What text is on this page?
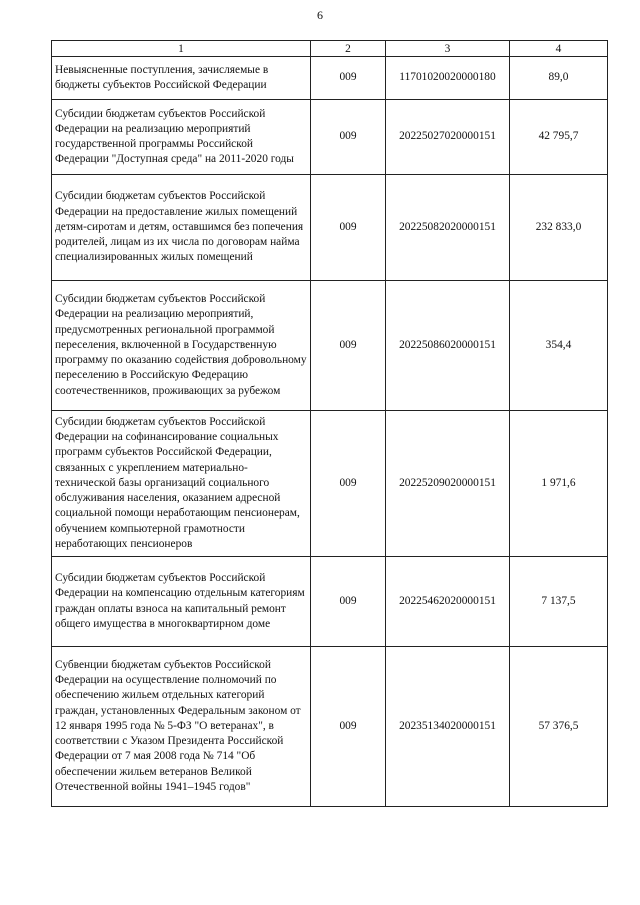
6
1	2	3	4
Невыясненные поступления, зачисляемые в бюджеты субъектов Российской Федерации	009	11701020020000180	89,0
Субсидии бюджетам субъектов Российской Федерации на реализацию мероприятий государственной программы Российской Федерации "Доступная среда" на 2011-2020 годы	009	20225027020000151	42 795,7
Субсидии бюджетам субъектов Российской Федерации на предоставление жилых помещений детям-сиротам и детям, оставшимся без попечения родителей, лицам из их числа по договорам найма специализированных жилых помещений	009	20225082020000151	232 833,0
Субсидии бюджетам субъектов Российской Федерации на реализацию мероприятий, предусмотренных региональной программой переселения, включенной в Государственную программу по оказанию содействия добровольному переселению в Российскую Федерацию соотечественников, проживающих за рубежом	009	20225086020000151	354,4
Субсидии бюджетам субъектов Российской Федерации на софинансирование социальных программ субъектов Российской Федерации, связанных с укреплением материально-технической базы организаций социального обслуживания населения, оказанием адресной социальной помощи неработающим пенсионерам, обучением компьютерной грамотности неработающих пенсионеров	009	20225209020000151	1 971,6
Субсидии бюджетам субъектов Российской Федерации на компенсацию отдельным категориям граждан оплаты взноса на капитальный ремонт общего имущества в многоквартирном доме	009	20225462020000151	7 137,5
Субвенции бюджетам субъектов Российской Федерации на осуществление полномочий по обеспечению жильем отдельных категорий граждан, установленных Федеральным законом от 12 января 1995 года № 5-ФЗ "О ветеранах", в соответствии с Указом Президента Российской Федерации от 7 мая 2008 года № 714 "Об обеспечении жильем ветеранов Великой Отечественной войны 1941–1945 годов"	009	20235134020000151	57 376,5
